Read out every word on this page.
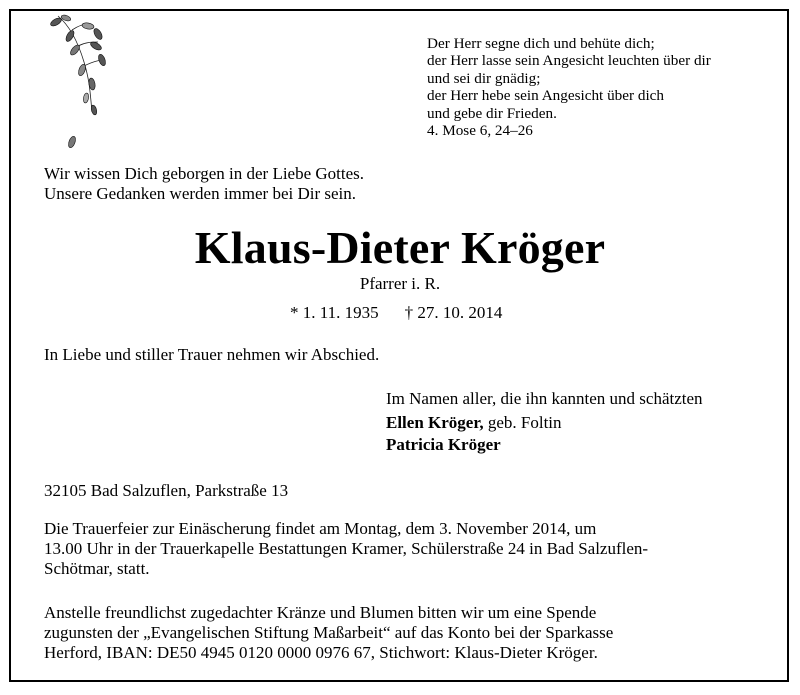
Der Herr segne dich und behüte dich;
der Herr lasse sein Angesicht leuchten über dir
und sei dir gnädig;
der Herr hebe sein Angesicht über dich
und gebe dir Frieden.
4. Mose 6, 24–26
Wir wissen Dich geborgen in der Liebe Gottes.
Unsere Gedanken werden immer bei Dir sein.
Klaus-Dieter Kröger
Pfarrer i. R.
* 1. 11. 1935 † 27. 10. 2014
In Liebe und stiller Trauer nehmen wir Abschied.
Im Namen aller, die ihn kannten und schätzten
Ellen Kröger, geb. Foltin
Patricia Kröger
32105 Bad Salzuflen, Parkstraße 13
Die Trauerfeier zur Einäscherung findet am Montag, dem 3. November 2014, um
13.00 Uhr in der Trauerkapelle Bestattungen Kramer, Schülerstraße 24 in Bad Salzuflen-
Schötmar, statt.
Anstelle freundlichst zugedachter Kränze und Blumen bitten wir um eine Spende
zugunsten der „Evangelischen Stiftung Maßarbeit“ auf das Konto bei der Sparkasse
Herford, IBAN: DE50 4945 0120 0000 0976 67, Stichwort: Klaus-Dieter Kröger.
